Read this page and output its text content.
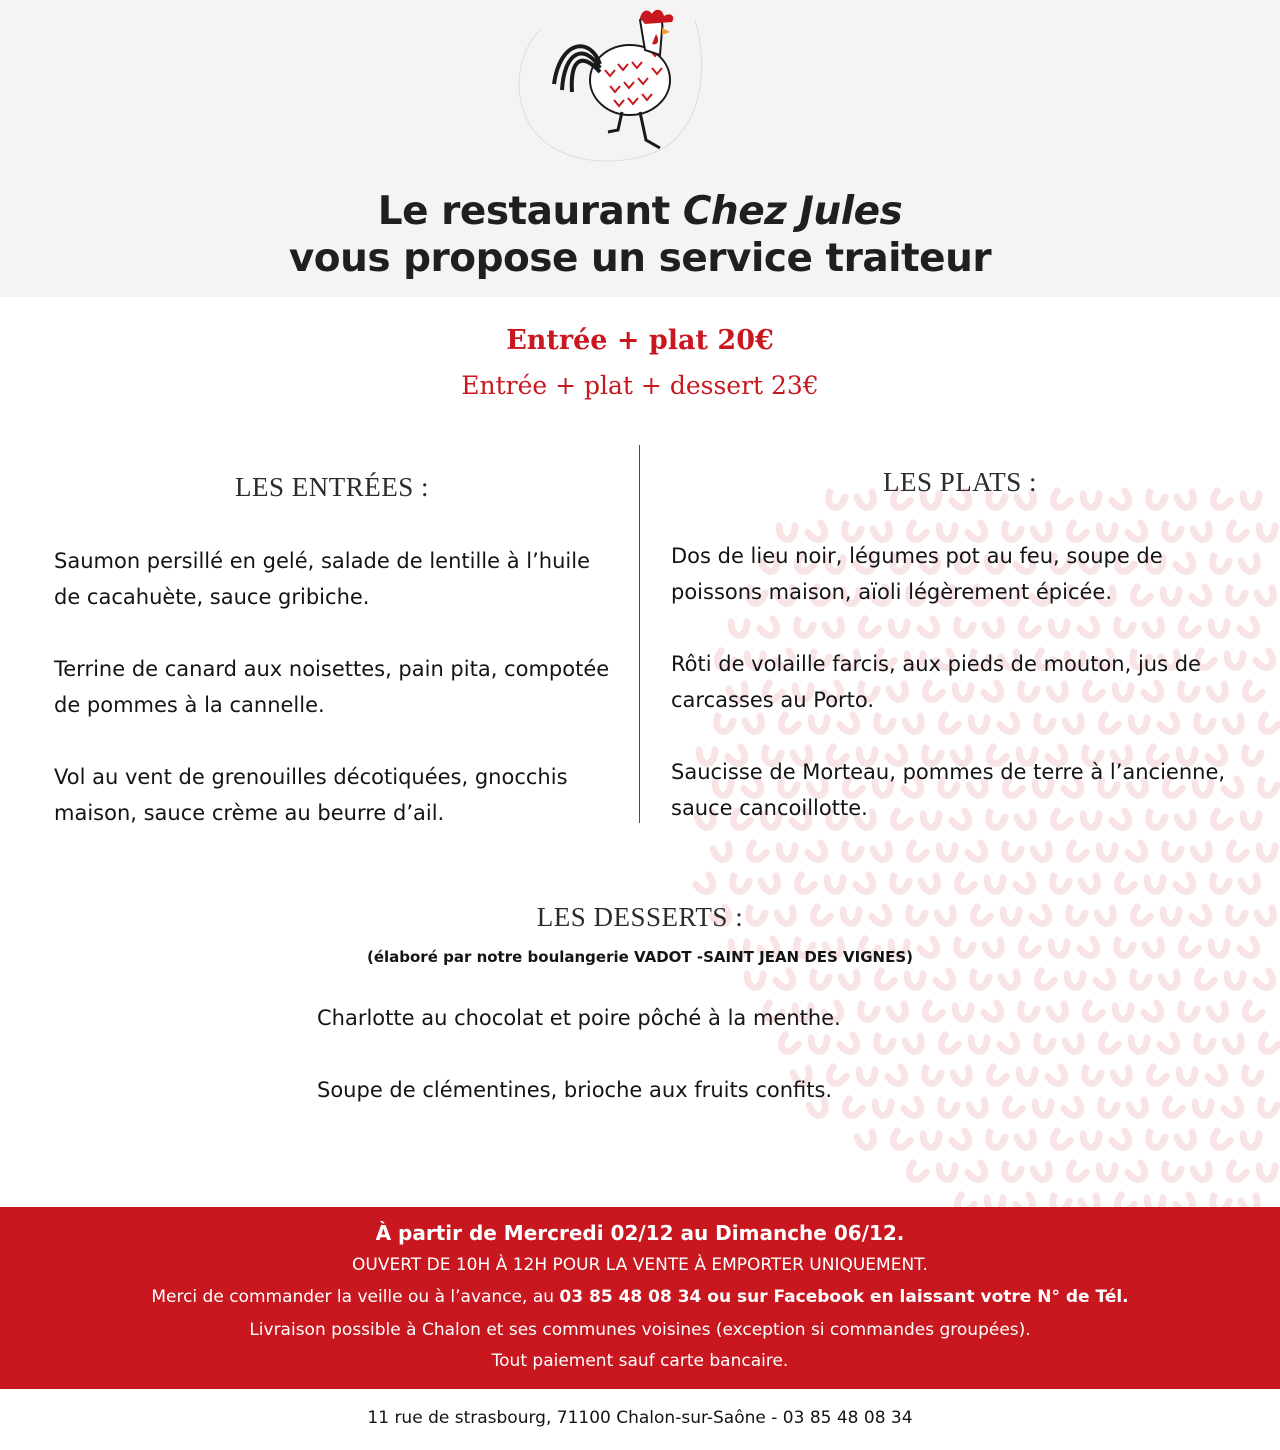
Le restaurant Chez Jules
vous propose un service traiteur
Entrée + plat 20€
Entrée + plat + dessert 23€
LES ENTRÉES :

Saumon persillé en gelé, salade de lentille à l’huile de cacahuète, sauce gribiche.

Terrine de canard aux noisettes, pain pita, compotée de pommes à la cannelle.

Vol au vent de grenouilles décotiquées, gnocchis maison, sauce crème au beurre d’ail.

LES PLATS :

Dos de lieu noir, légumes pot au feu, soupe de poissons maison, aïoli légèrement épicée.

Rôti de volaille farcis, aux pieds de mouton, jus de carcasses au Porto.

Saucisse de Morteau, pommes de terre à l’ancienne, sauce cancoillotte.

LES DESSERTS :
(élaboré par notre boulangerie VADOT -SAINT JEAN DES VIGNES)

Charlotte au chocolat et poire pôché à la menthe.

Soupe de clémentines, brioche aux fruits confits.

À partir de Mercredi 02/12 au Dimanche 06/12.
OUVERT DE 10H À 12H POUR LA VENTE À EMPORTER UNIQUEMENT.
Merci de commander la veille ou à l’avance, au 03 85 48 08 34 ou sur Facebook en laissant votre N° de Tél.
Livraison possible à Chalon et ses communes voisines (exception si commandes groupées).
Tout paiement sauf carte bancaire.
11 rue de strasbourg, 71100 Chalon-sur-Saône - 03 85 48 08 34
